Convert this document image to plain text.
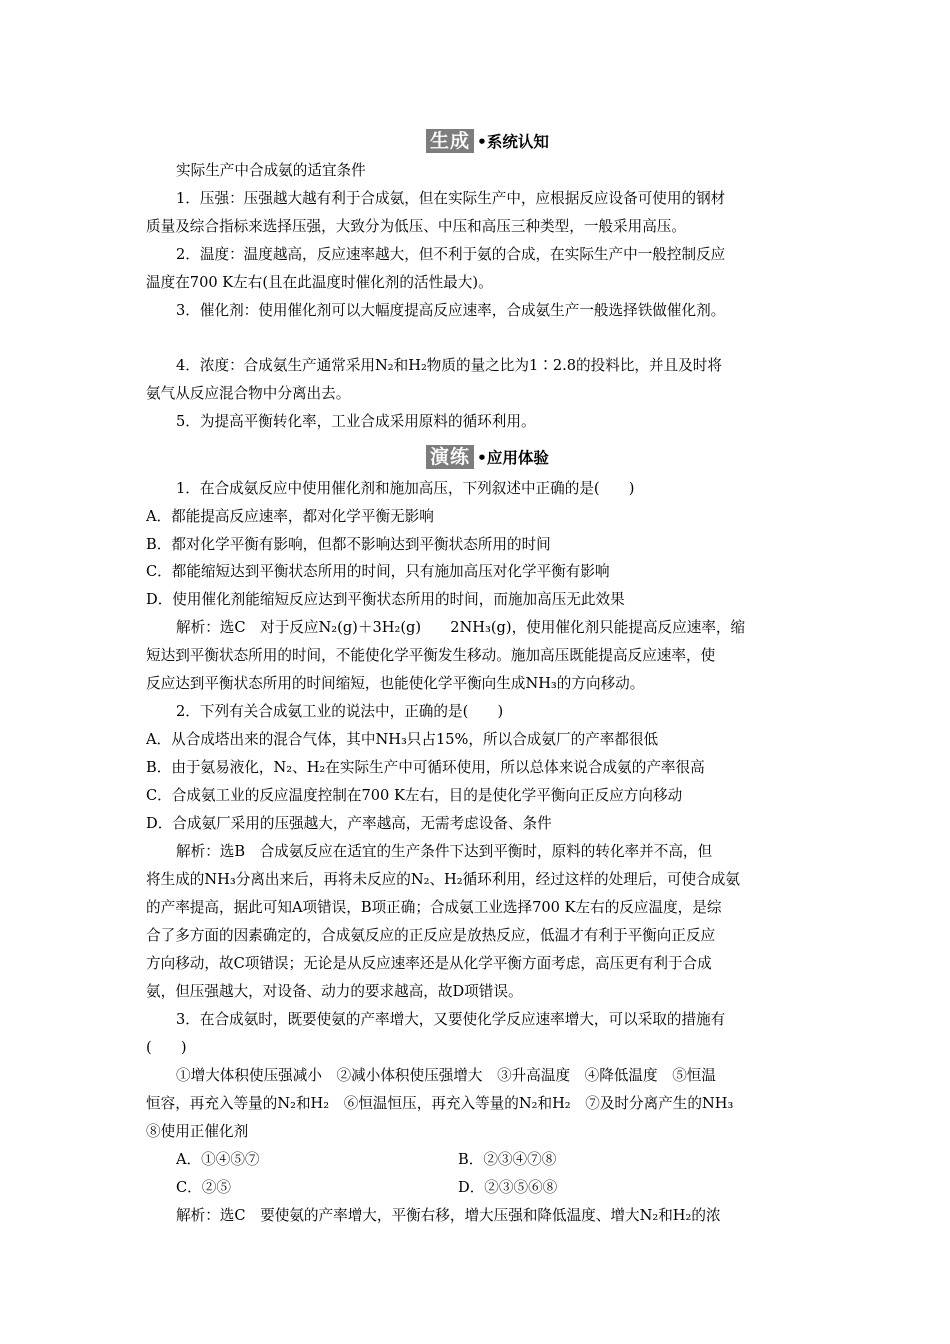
生成 •系统认知
实际生产中合成氨的适宜条件
1．压强：压强越大越有利于合成氨，但在实际生产中，应根据反应设备可使用的钢材
质量及综合指标来选择压强，大致分为低压、中压和高压三种类型，一般采用高压。
2．温度：温度越高，反应速率越大，但不利于氨的合成，在实际生产中一般控制反应
温度在700 K左右(且在此温度时催化剂的活性最大)。
3．催化剂：使用催化剂可以大幅度提高反应速率，合成氨生产一般选择铁做催化剂。
4．浓度：合成氨生产通常采用N₂和H₂物质的量之比为1∶2.8的投料比，并且及时将
氨气从反应混合物中分离出去。
5．为提高平衡转化率，工业合成采用原料的循环利用。
演练 •应用体验
1．在合成氨反应中使用催化剂和施加高压，下列叙述中正确的是(　　)
A．都能提高反应速率，都对化学平衡无影响
B．都对化学平衡有影响，但都不影响达到平衡状态所用的时间
C．都能缩短达到平衡状态所用的时间，只有施加高压对化学平衡有影响
D．使用催化剂能缩短反应达到平衡状态所用的时间，而施加高压无此效果
解析：选C　对于反应N₂(g)＋3H₂(g)　　2NH₃(g)，使用催化剂只能提高反应速率，缩
短达到平衡状态所用的时间，不能使化学平衡发生移动。施加高压既能提高反应速率，使
反应达到平衡状态所用的时间缩短，也能使化学平衡向生成NH₃的方向移动。
2．下列有关合成氨工业的说法中，正确的是(　　)
A．从合成塔出来的混合气体，其中NH₃只占15%，所以合成氨厂的产率都很低
B．由于氨易液化，N₂、H₂在实际生产中可循环使用，所以总体来说合成氨的产率很高
C．合成氨工业的反应温度控制在700 K左右，目的是使化学平衡向正反应方向移动
D．合成氨厂采用的压强越大，产率越高，无需考虑设备、条件
解析：选B　合成氨反应在适宜的生产条件下达到平衡时，原料的转化率并不高，但
将生成的NH₃分离出来后，再将未反应的N₂、H₂循环利用，经过这样的处理后，可使合成氨
的产率提高，据此可知A项错误，B项正确；合成氨工业选择700 K左右的反应温度，是综
合了多方面的因素确定的，合成氨反应的正反应是放热反应，低温才有利于平衡向正反应
方向移动，故C项错误；无论是从反应速率还是从化学平衡方面考虑，高压更有利于合成
氨，但压强越大，对设备、动力的要求越高，故D项错误。
3．在合成氨时，既要使氨的产率增大，又要使化学反应速率增大，可以采取的措施有
(　　)
①增大体积使压强减小　②减小体积使压强增大　③升高温度　④降低温度　⑤恒温
恒容，再充入等量的N₂和H₂　⑥恒温恒压，再充入等量的N₂和H₂　⑦及时分离产生的NH₃
⑧使用正催化剂
A．①④⑤⑦	B．②③④⑦⑧
C．②⑤	D．②③⑤⑥⑧
解析：选C　要使氨的产率增大，平衡右移，增大压强和降低温度、增大N₂和H₂的浓
